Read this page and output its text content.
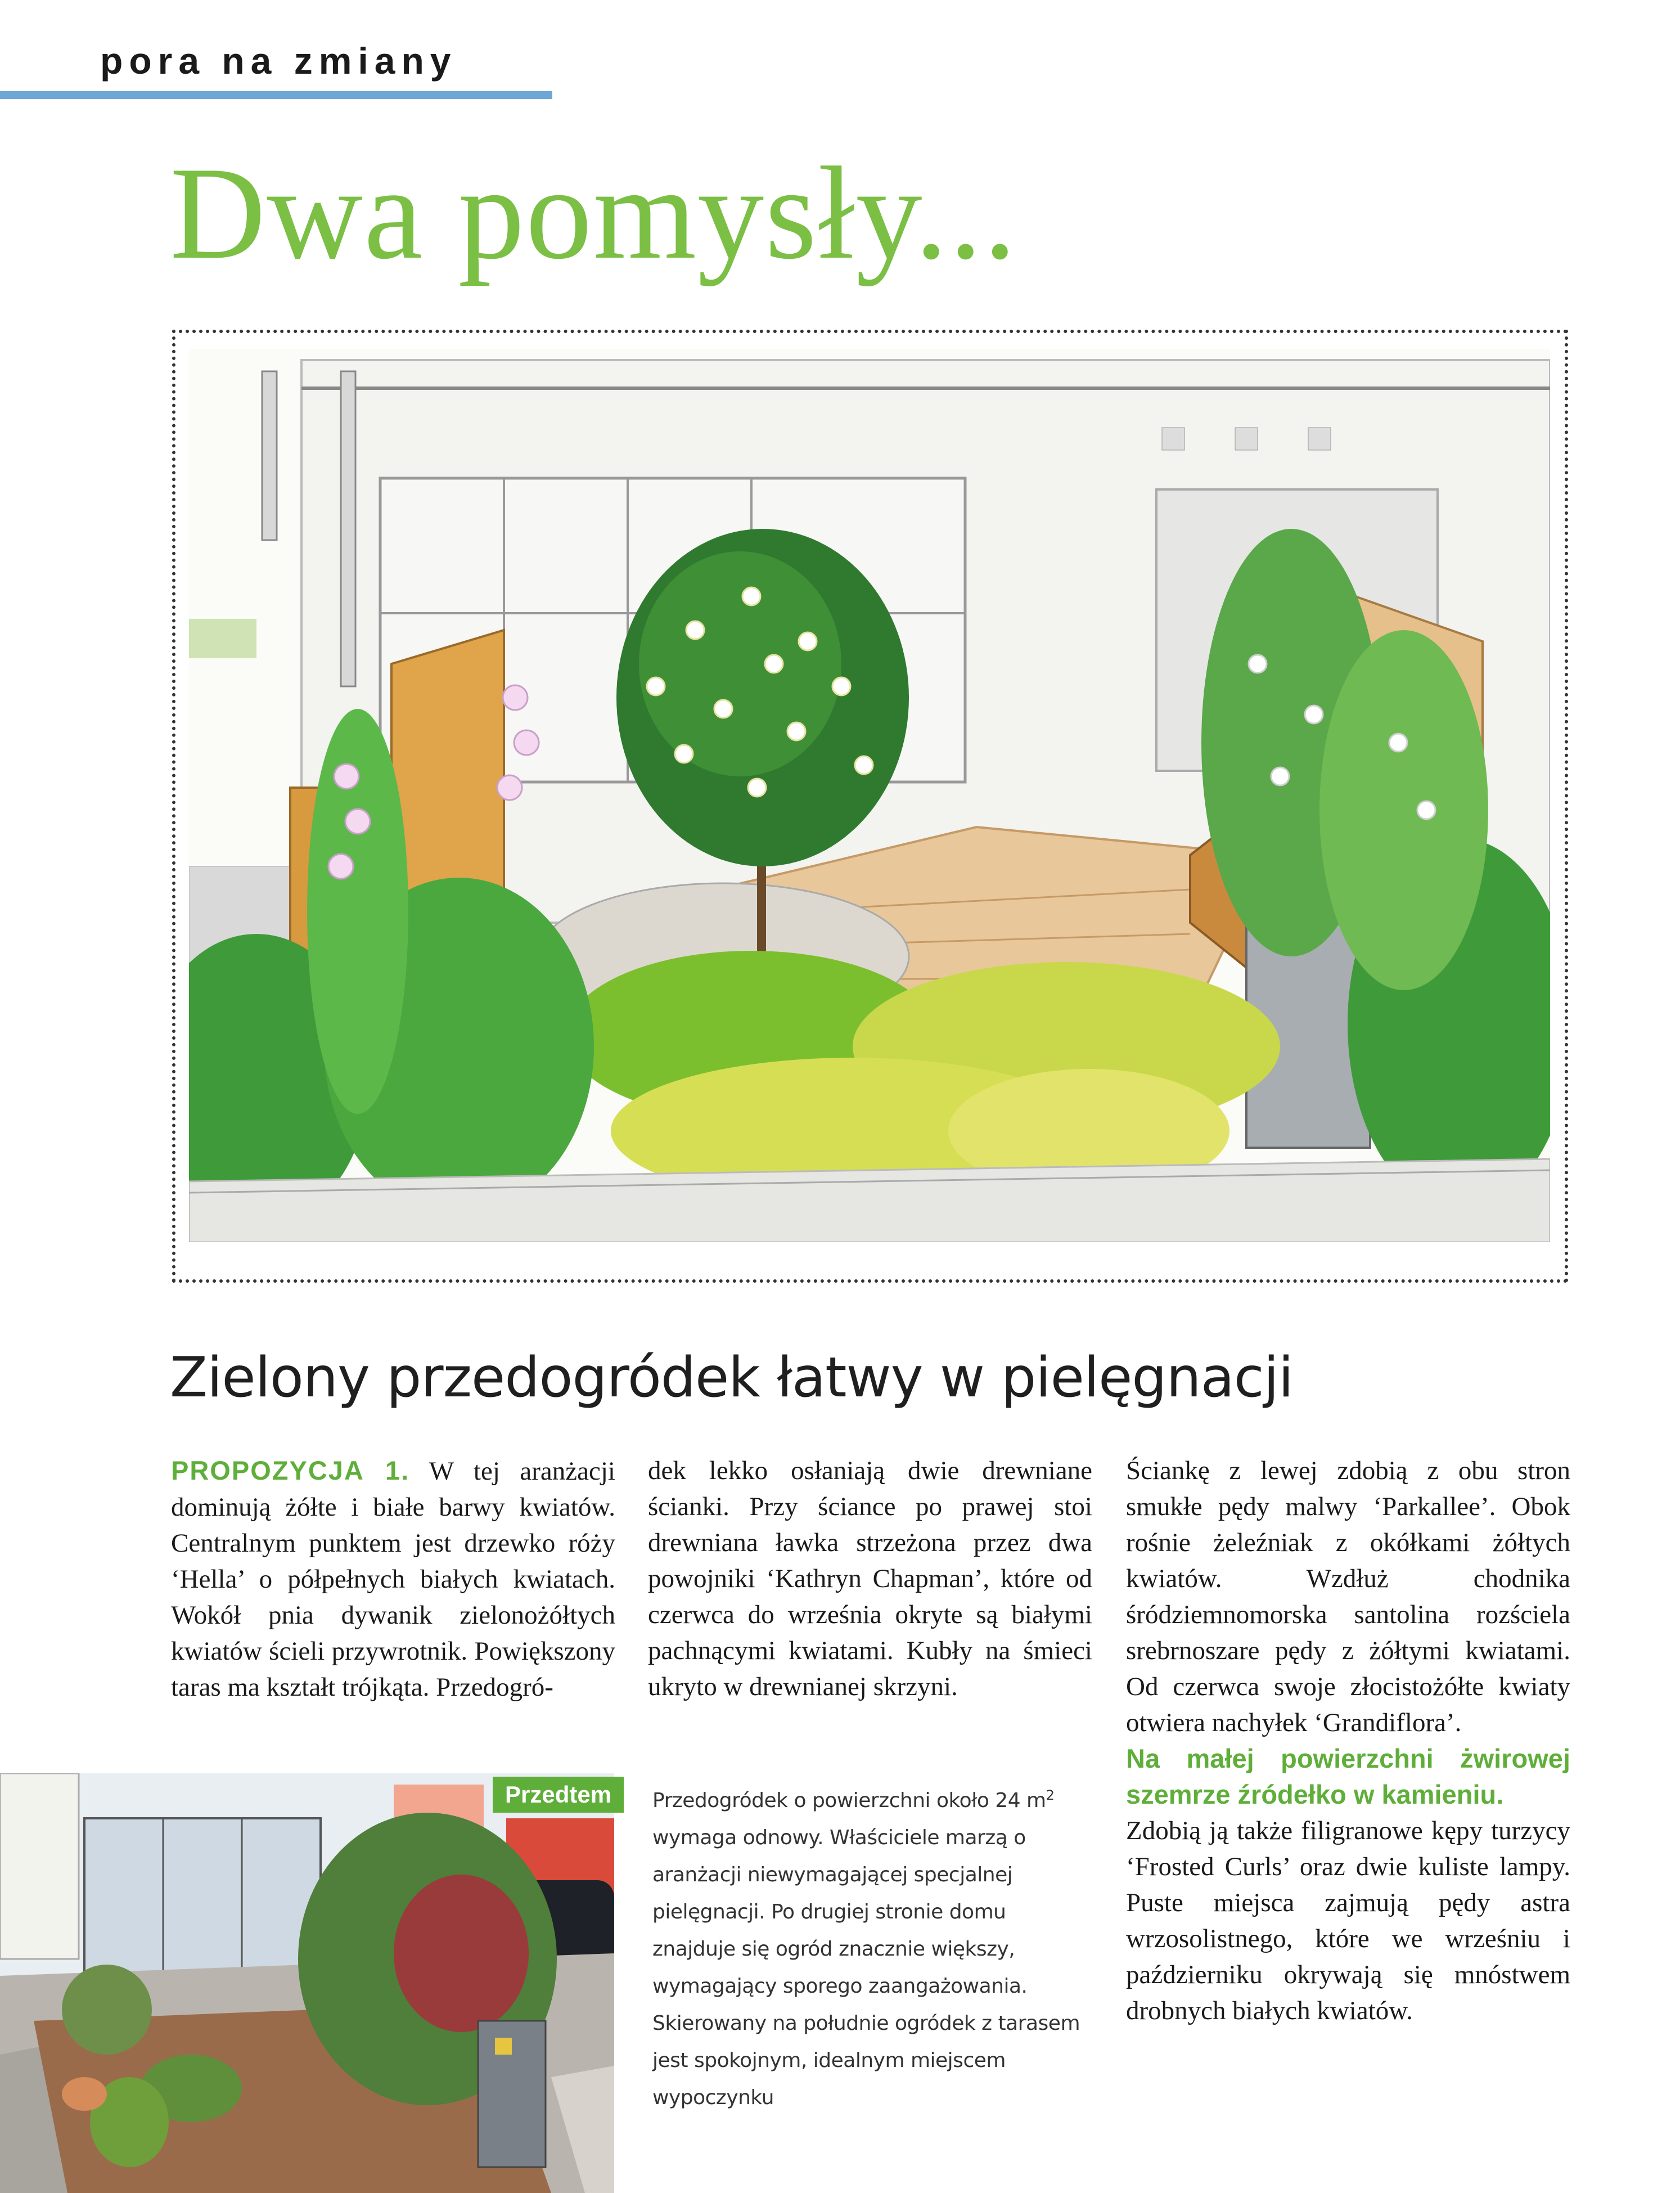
pora na zmiany
Dwa pomysły...
Zielony przedogródek łatwy w pielęgnacji
PROPOZYCJA 1. W tej aranżacji dominują żółte i białe barwy kwiatów. Centralnym punktem jest drzewko róży ‘Hella’ o półpełnych białych kwiatach. Wokół pnia dywanik zielonożółtych kwiatów ścieli przywrotnik. Powiększony taras ma kształt trójkąta. Przedogró-
dek lekko osłaniają dwie drewniane ścianki. Przy ściance po prawej stoi drewniana ławka strzeżona przez dwa powojniki ‘Kathryn Chapman’, które od czerwca do września okryte są białymi pachnącymi kwiatami. Kubły na śmieci ukryto w drewnianej skrzyni.
Ściankę z lewej zdobią z obu stron smukłe pędy malwy ‘Parkallee’. Obok rośnie żeleźniak z okółkami żółtych kwiatów. Wzdłuż chodnika śródziemnomorska santolina rozściela srebrnoszare pędy z żółtymi kwiatami. Od czerwca swoje złocistożółte kwiaty otwiera nachyłek ‘Grandiflora’.
Na małej powierzchni żwirowej szemrze źródełko w kamieniu.
Zdobią ją także filigranowe kępy turzycy ‘Frosted Curls’ oraz dwie kuliste lampy. Puste miejsca zajmują pędy astra wrzosolistnego, które we wrześniu i październiku okrywają się mnóstwem drobnych białych kwiatów.
Przedtem	Przedogródek o powierzchni około 24 $m^2$ wymaga odnowy. Właściciele marzą o aranżacji niewymagającej specjalnej pielęgnacji. Po drugiej stronie domu znajduje się ogród znacznie większy, wymagający sporego zaangażowania. Skierowany na południe ogródek z tarasem jest spokojnym, idealnym miejscem wypoczynku
